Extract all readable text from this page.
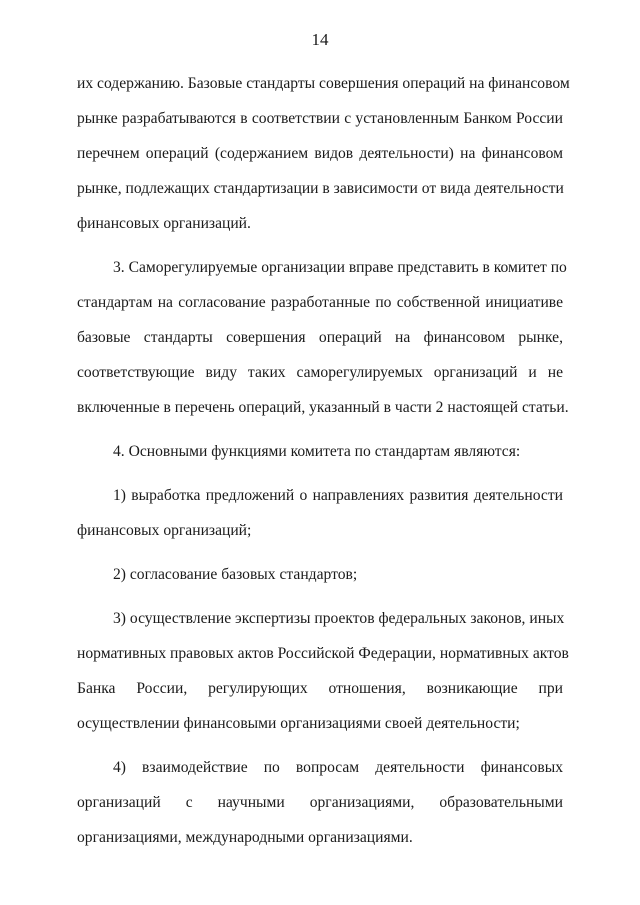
14
их содержанию. Базовые стандарты совершения операций на финансовом
рынке разрабатываются в соответствии с установленным Банком России
перечнем операций (содержанием видов деятельности) на финансовом
рынке, подлежащих стандартизации в зависимости от вида деятельности
финансовых организаций.
3. Саморегулируемые организации вправе представить в комитет по
стандартам на согласование разработанные по собственной инициативе
базовые стандарты совершения операций на финансовом рынке,
соответствующие виду таких саморегулируемых организаций и не
включенные в перечень операций, указанный в части 2 настоящей статьи.
4. Основными функциями комитета по стандартам являются:
1) выработка предложений о направлениях развития деятельности
финансовых организаций;
2) согласование базовых стандартов;
3) осуществление экспертизы проектов федеральных законов, иных
нормативных правовых актов Российской Федерации, нормативных актов
Банка России, регулирующих отношения, возникающие при
осуществлении финансовыми организациями своей деятельности;
4) взаимодействие по вопросам деятельности финансовых
организаций с научными организациями, образовательными
организациями, международными организациями.
